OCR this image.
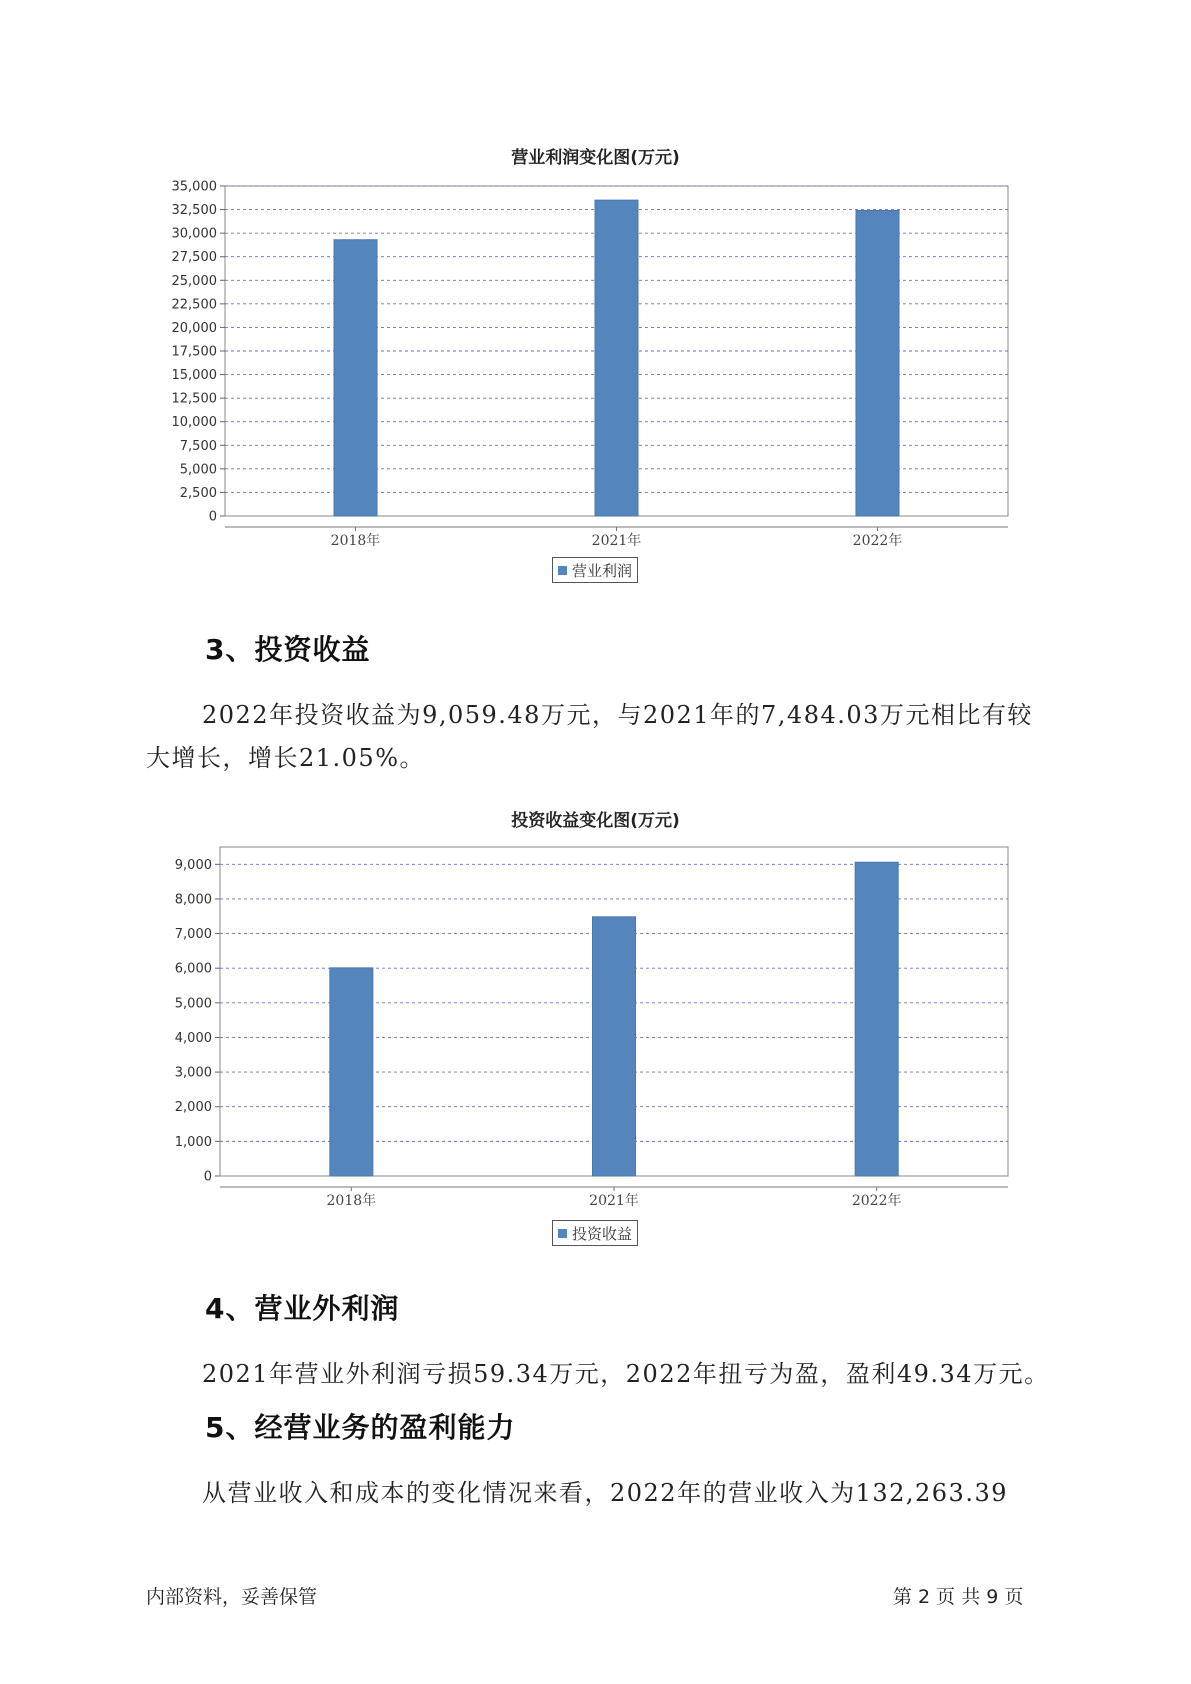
营业利润变化图(万元)
0
2,500
5,000
7,500
10,000
12,500
15,000
17,500
20,000
22,500
25,000
27,500
30,000
32,500
35,000
2018年	2021年	2022年
营业利润
3、投资收益
2022年投资收益为9,059.48万元，与2021年的7,484.03万元相比有较
大增长，增长21.05%。
投资收益变化图(万元)
0
1,000
2,000
3,000
4,000
5,000
6,000
7,000
8,000
9,000
2018年	2021年	2022年
投资收益
4、营业外利润
2021年营业外利润亏损59.34万元，2022年扭亏为盈，盈利49.34万元。
5、经营业务的盈利能力
从营业收入和成本的变化情况来看，2022年的营业收入为132,263.39
内部资料，妥善保管	第 2 页 共 9 页
